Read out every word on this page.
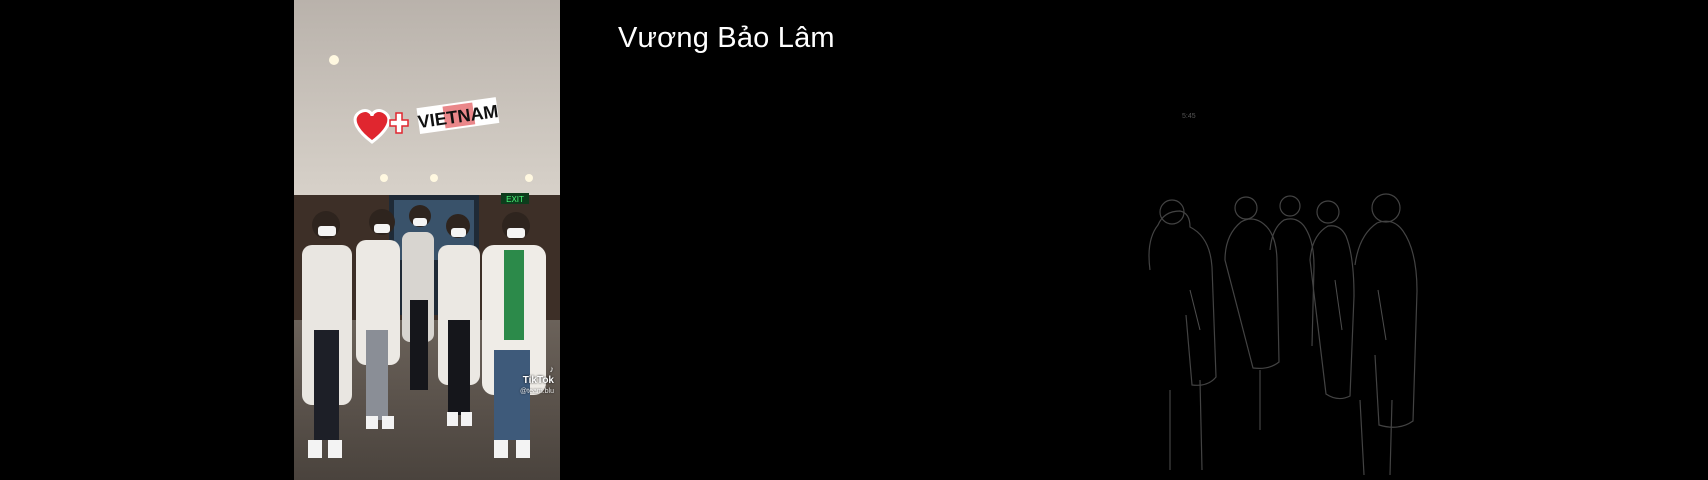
EXIT
VIETNAM
♪
TikTok
@team.blu
Vương Bảo Lâm
5:45
